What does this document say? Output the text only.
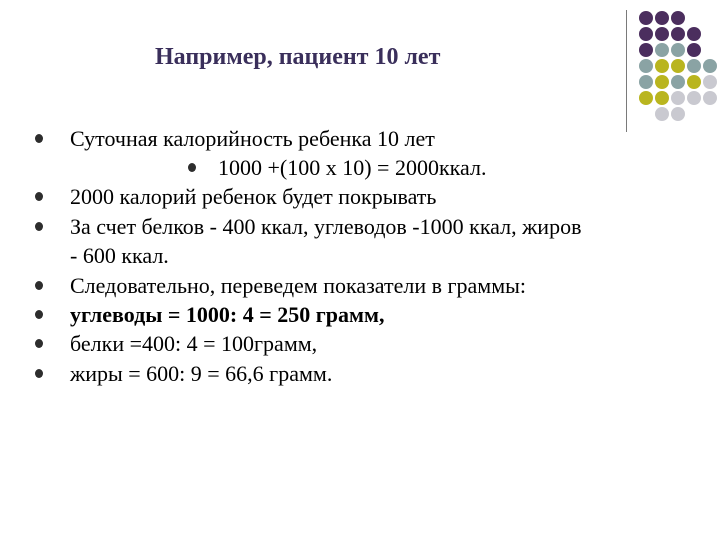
Например, пациент 10 лет
Суточная калорийность ребенка 10 лет
1000 +(100 х 10) = 2000ккал.
2000 калорий ребенок будет покрывать
За счет белков - 400 ккал, углеводов -1000 ккал, жиров
- 600 ккал.
Следовательно, переведем показатели в граммы:
углеводы = 1000: 4 = 250 грамм,
белки =400: 4 = 100грамм,
жиры = 600: 9 = 66,6 грамм.
